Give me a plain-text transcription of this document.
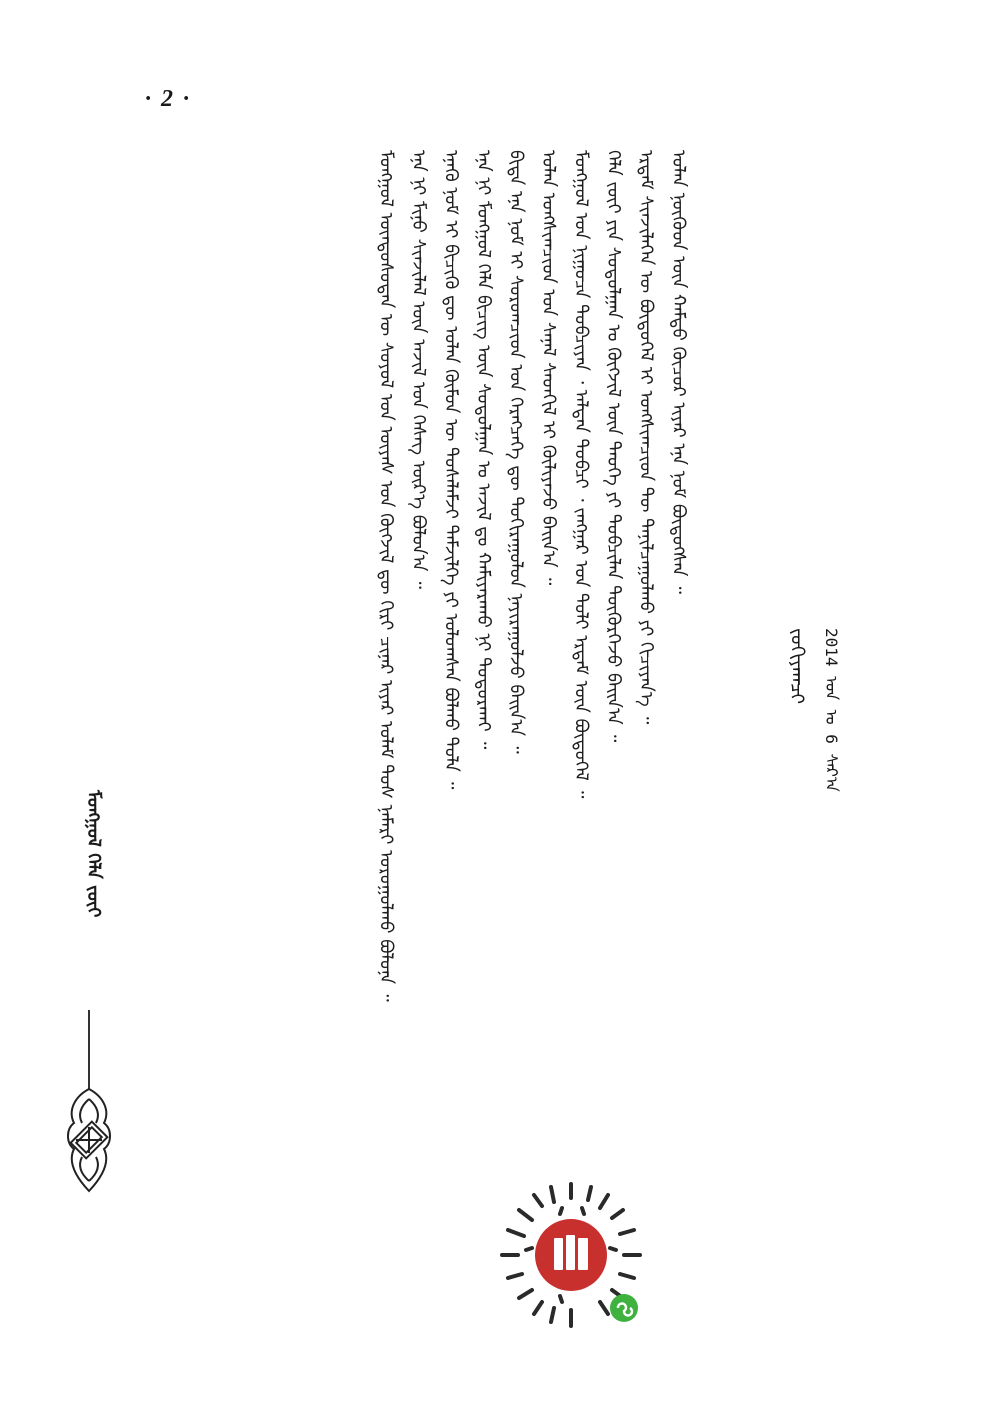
· 2 ·
ᠮᠣᠩᠭᠣᠯ ᠦᠨᠳᠦᠰᠦᠲᠡᠨ ᠦ ᠰᠣᠶᠣᠯ ᠤᠨ ᠦᠶᠡᠰ ᠤᠨ ᠬᠥᠭᠵᠢᠯ ᠳᠦ ᠬᠢᠷᠢ ᠴᠢᠨᠠᠷ ᠢᠶᠠᠷ ᠤᠯᠠᠮ ᠲᠤᠰ ᠨᠡᠮᠡᠷᠢ ᠣᠷᠤᠭᠤᠯᠬᠤ ᠪᠣᠯᠤᠨᠠ ᠃ ᠡᠨᠡ ᠨᠢ ᠮᠢᠨᠤ ᠰᠢᠨᠵᠢᠯᠡᠯ ᠦᠨ ᠠᠵᠢᠯ ᠤᠨ ᠬᠡᠰᠡᠭ ᠦᠷ᠎ᠡ ᠪᠣᠯᠤᠨ᠎ᠠ ᠃ ᠡᠨᠡᠬᠦ ᠨᠣᠮ ᠢ ᠪᠢᠴᠢᠬᠦ ᠳᠦ ᠣᠯᠠᠨ ᠬᠦᠮᠦᠨ ᠦ ᠲᠤᠰᠠᠯᠠᠮᠵᠢ ᠳᠡᠮᠵᠢᠯᠭᠡ ᠶᠢ ᠣᠯᠤᠭᠰᠠᠨ ᠪᠣᠯᠬᠤ ᠲᠤᠯᠠ ᠃ ᠡᠨᠡ ᠨᠢ ᠮᠣᠩᠭᠣᠯ ᠬᠡᠯᠡ ᠪᠢᠴᠢᠭ ᠦᠨ ᠰᠤᠳᠤᠯᠭᠠᠨ ᠤ ᠠᠵᠢᠯ ᠳᠤ ᠬᠠᠮᠢᠶᠠᠷᠠᠬᠤ ᠨᠢ ᠲᠣᠳᠤᠷᠬᠠᠢ ᠃ ᠪᠢᠳᠡ ᠡᠨᠡ ᠨᠣᠮ ᠢ ᠰᠤᠷᠤᠭᠴᠢᠳ ᠤᠨ ᠬᠡᠷᠡᠭᠴᠡᠭᠡ ᠳᠦ ᠲᠣᠬᠢᠷᠠᠭᠤᠯᠤᠨ ᠨᠠᠶᠢᠷᠠᠭᠤᠯᠵᠤ ᠪᠠᠢᠨ᠎ᠠ ᠃ ᠣᠯᠠᠨ ᠤᠩᠰᠢᠭᠴᠢᠳ ᠤᠨ ᠰᠠᠨᠠᠯ ᠰᠡᠳᠬᠢᠯ ᠢ ᠬᠦᠯᠢᠶᠡᠵᠦ ᠪᠠᠢᠨ᠎ᠠ ᠃ ᠮᠣᠩᠭᠣᠯ ᠤᠨ ᠨᠢᠭᠤᠴᠠ ᠲᠣᠪᠴᠢᠶᠠᠨ ᠂ ᠠᠯᠲᠠᠨ ᠲᠣᠪᠴᠢ ᠂ ᠵᠠᠩᠭᠠᠷ ᠤᠨ ᠲᠣᠯᠢ ᠡᠷᠳᠡᠮ ᠦᠨ ᠪᠦᠲᠦᠭᠡᠯ ᠃ ᠬᠡᠯᠡ ᠵᠦᠢ ᠶᠢᠨ ᠰᠤᠳᠤᠯᠭᠠᠨ ᠤ ᠬᠥᠭᠵᠢᠯ ᠦᠨ ᠲᠡᠦᠬᠡ ᠶᠢ ᠲᠣᠪᠴᠢᠯᠠᠨ ᠳᠦᠭᠦᠷᠭᠡᠵᠦ ᠪᠠᠢᠨ᠎ᠠ ᠃ ᠡᠷᠳᠡᠮ ᠰᠢᠨᠵᠢᠯᠡᠭᠡᠨ ᠦ ᠪᠦᠲᠦᠭᠡᠯ ᠢ ᠤᠩᠰᠢᠭᠴᠢᠳ ᠲᠦ ᠲᠠᠨᠢᠯᠴᠠᠭᠤᠯᠬᠤ ᠶᠢ ᠬᠢᠴᠢᠶᠡᠨ᠎ᠡ ᠃ ᠣᠯᠠᠨ ᠨᠥᠬᠦᠳ ᠦᠨ ᠬᠠᠮᠲᠤ ᠬᠦᠴᠦᠷ ᠢᠶᠡᠷ ᠡᠨᠡ ᠨᠣᠮ ᠪᠦᠲᠦᠭᠰᠡᠨ ᠃
ᠵᠣᠬᠢᠶᠠᠭᠴᠢ 2014 ᠣᠨ ᠤ 6 ᠰᠠᠷ᠎ᠠ
ᠮᠣᠩᠭᠣᠯ ᠬᠡᠯᠡ ᠵᠦᠢ
